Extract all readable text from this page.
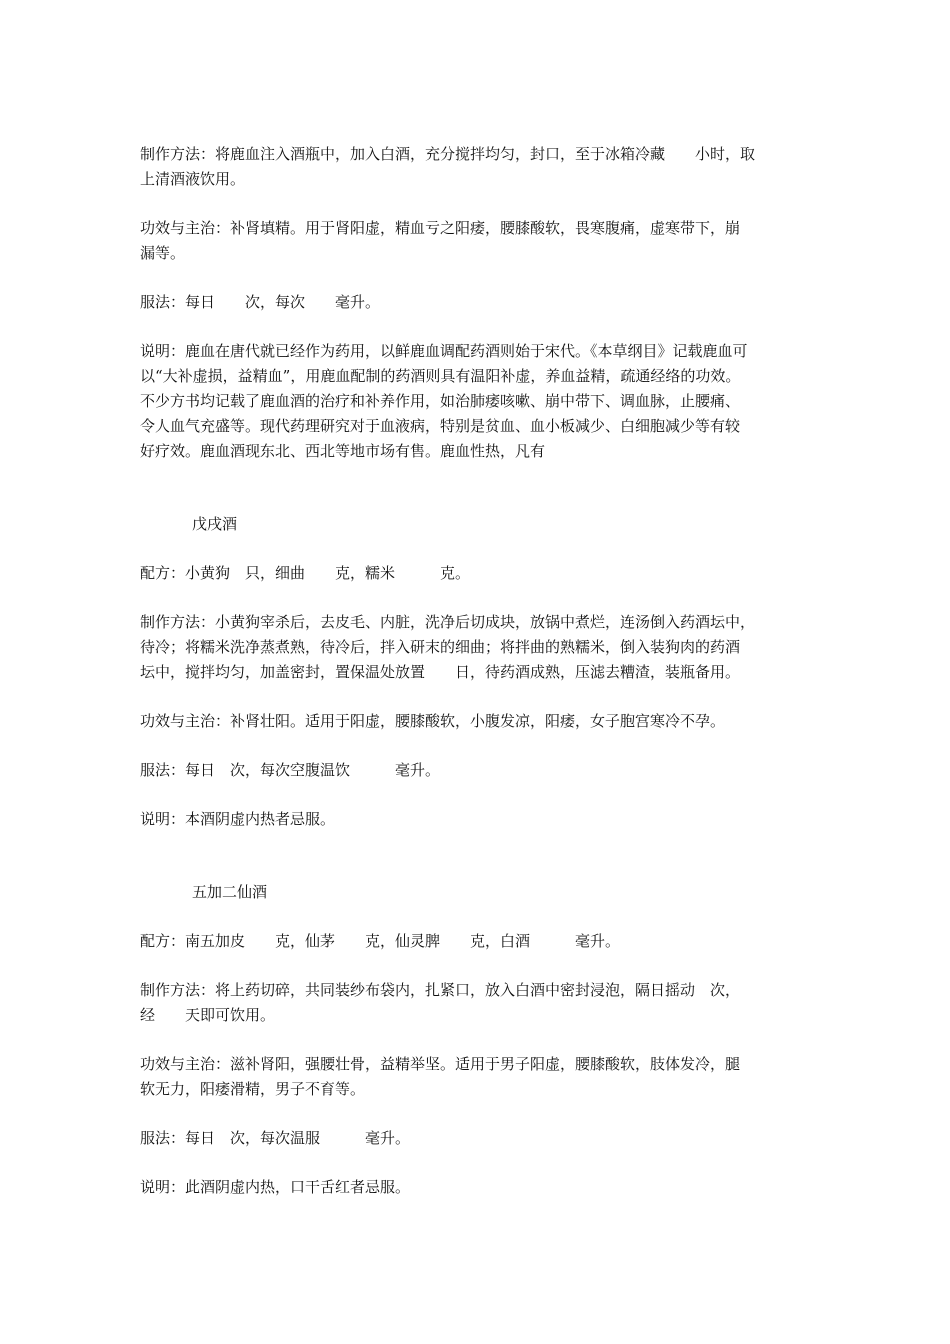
制作方法：将鹿血注入酒瓶中，加入白酒，充分搅拌均匀，封口，至于冰箱冷藏　　小时，取
上清酒液饮用。

功效与主治：补肾填精。用于肾阳虚，精血亏之阳痿，腰膝酸软，畏寒腹痛，虚寒带下，崩
漏等。

服法：每日　　次，每次　　毫升。

说明：鹿血在唐代就已经作为药用，以鲜鹿血调配药酒则始于宋代。《本草纲目》记载鹿血可
以“大补虚损，益精血”，用鹿血配制的药酒则具有温阳补虚，养血益精，疏通经络的功效。
不少方书均记载了鹿血酒的治疗和补养作用，如治肺痿咳嗽、崩中带下、调血脉，止腰痛、
令人血气充盛等。现代药理研究对于血液病，特别是贫血、血小板减少、白细胞减少等有较
好疗效。鹿血酒现东北、西北等地市场有售。鹿血性热，凡有

戊戌酒

配方：小黄狗　只，细曲　　克，糯米　　　克。

制作方法：小黄狗宰杀后，去皮毛、内脏，洗净后切成块，放锅中煮烂，连汤倒入药酒坛中，
待冷；将糯米洗净蒸煮熟，待冷后，拌入研末的细曲；将拌曲的熟糯米，倒入装狗肉的药酒
坛中，搅拌均匀，加盖密封，置保温处放置　　日，待药酒成熟，压滤去糟渣，装瓶备用。

功效与主治：补肾壮阳。适用于阳虚，腰膝酸软，小腹发凉，阳痿，女子胞宫寒冷不孕。

服法：每日　次，每次空腹温饮　　　毫升。

说明：本酒阴虚内热者忌服。

五加二仙酒

配方：南五加皮　　克，仙茅　　克，仙灵脾　　克，白酒　　　毫升。

制作方法：将上药切碎，共同装纱布袋内，扎紧口，放入白酒中密封浸泡，隔日摇动　次，
经　　天即可饮用。

功效与主治：滋补肾阳，强腰壮骨，益精举坚。适用于男子阳虚，腰膝酸软，肢体发冷，腿
软无力，阳痿滑精，男子不育等。

服法：每日　次，每次温服　　　毫升。

说明：此酒阴虚内热，口干舌红者忌服。
